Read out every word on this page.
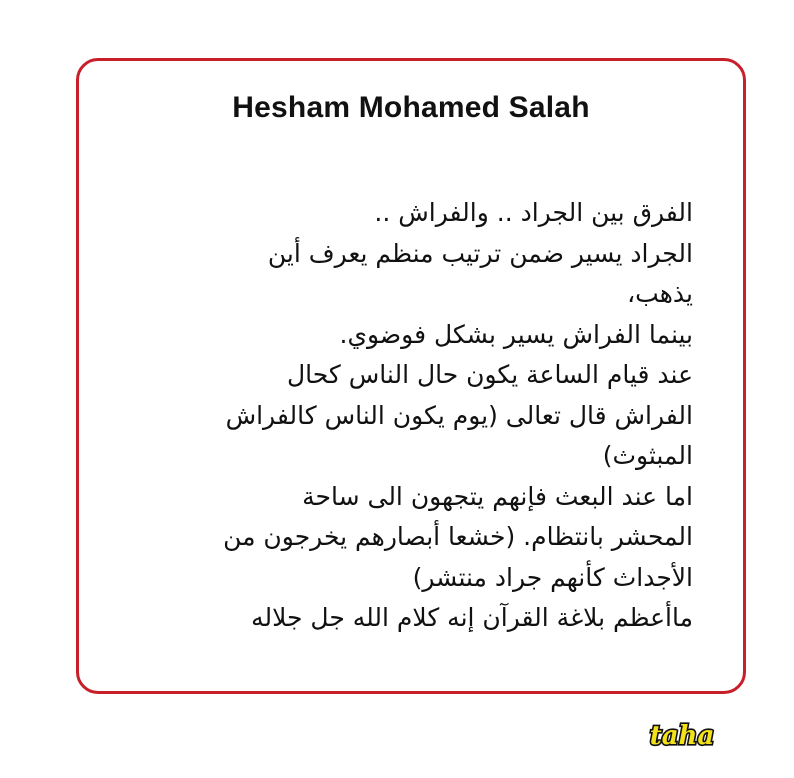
Hesham Mohamed Salah
الفرق بين الجراد .. والفراش ..
الجراد يسير ضمن ترتيب منظم يعرف أين
يذهب،
بينما الفراش يسير بشكل فوضوي.
عند قيام الساعة يكون حال الناس كحال
الفراش قال تعالى (يوم يكون الناس كالفراش
المبثوث)
اما عند البعث فإنهم يتجهون الى ساحة
المحشر بانتظام. (خشعا أبصارهم يخرجون من
الأجداث كأنهم جراد منتشر)
ماأعظم بلاغة القرآن إنه كلام الله جل جلاله
taha
